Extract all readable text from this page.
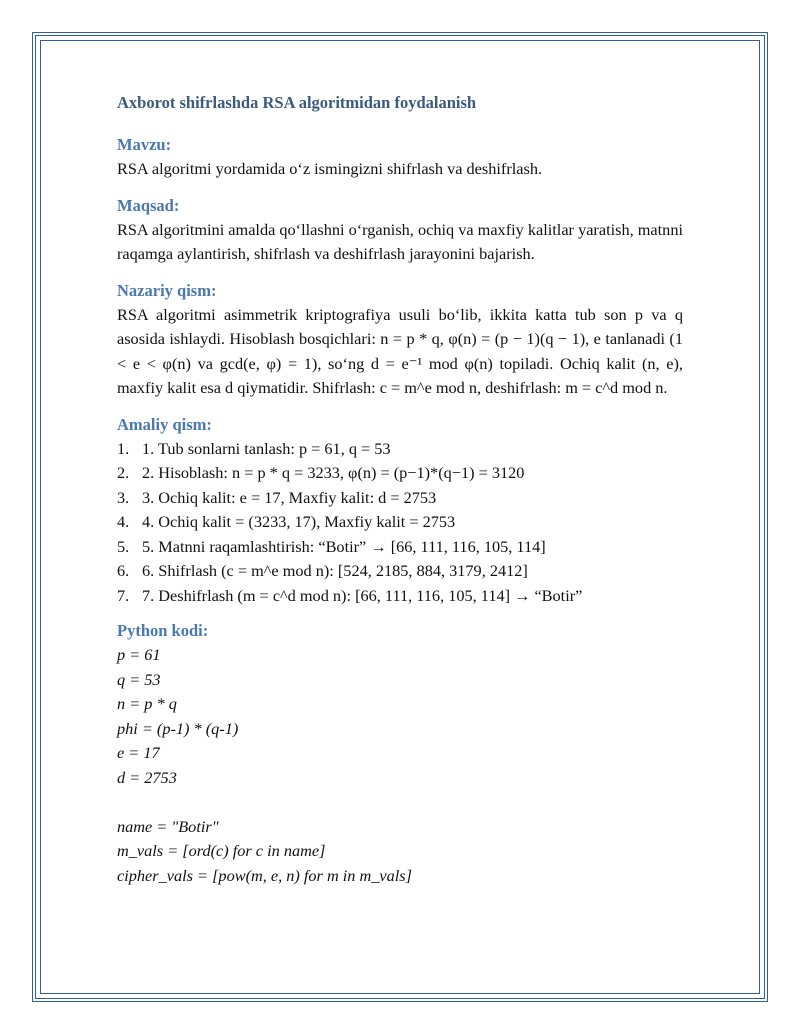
Axborot shifrlashda RSA algoritmidan foydalanish
Mavzu:

RSA algoritmi yordamida o‘z ismingizni shifrlash va deshifrlash.

Maqsad:

RSA algoritmini amalda qo‘llashni o‘rganish, ochiq va maxfiy kalitlar yaratish, matnni raqamga aylantirish, shifrlash va deshifrlash jarayonini bajarish.

Nazariy qism:

RSA algoritmi asimmetrik kriptografiya usuli bo‘lib, ikkita katta tub son p va q asosida ishlaydi. Hisoblash bosqichlari: n = p * q, φ(n) = (p − 1)(q − 1), e tanlanadi (1 < e < φ(n) va gcd(e, φ) = 1), so‘ng d = e⁻¹ mod φ(n) topiladi. Ochiq kalit (n, e), maxfiy kalit esa d qiymatidir. Shifrlash: c = m^e mod n, deshifrlash: m = c^d mod n.

Amaliy qism:
1. 1. Tub sonlarni tanlash: p = 61, q = 53
2. 2. Hisoblash: n = p * q = 3233, φ(n) = (p−1)*(q−1) = 3120
3. 3. Ochiq kalit: e = 17, Maxfiy kalit: d = 2753
4. 4. Ochiq kalit = (3233, 17), Maxfiy kalit = 2753
5. 5. Matnni raqamlashtirish: “Botir” → [66, 111, 116, 105, 114]
6. 6. Shifrlash (c = m^e mod n): [524, 2185, 884, 3179, 2412]
7. 7. Deshifrlash (m = c^d mod n): [66, 111, 116, 105, 114] → “Botir”
Python kodi:
p = 61
q = 53
n = p * q
phi = (p-1) * (q-1)
e = 17
d = 2753
name = "Botir"
m_vals = [ord(c) for c in name]
cipher_vals = [pow(m, e, n) for m in m_vals]
